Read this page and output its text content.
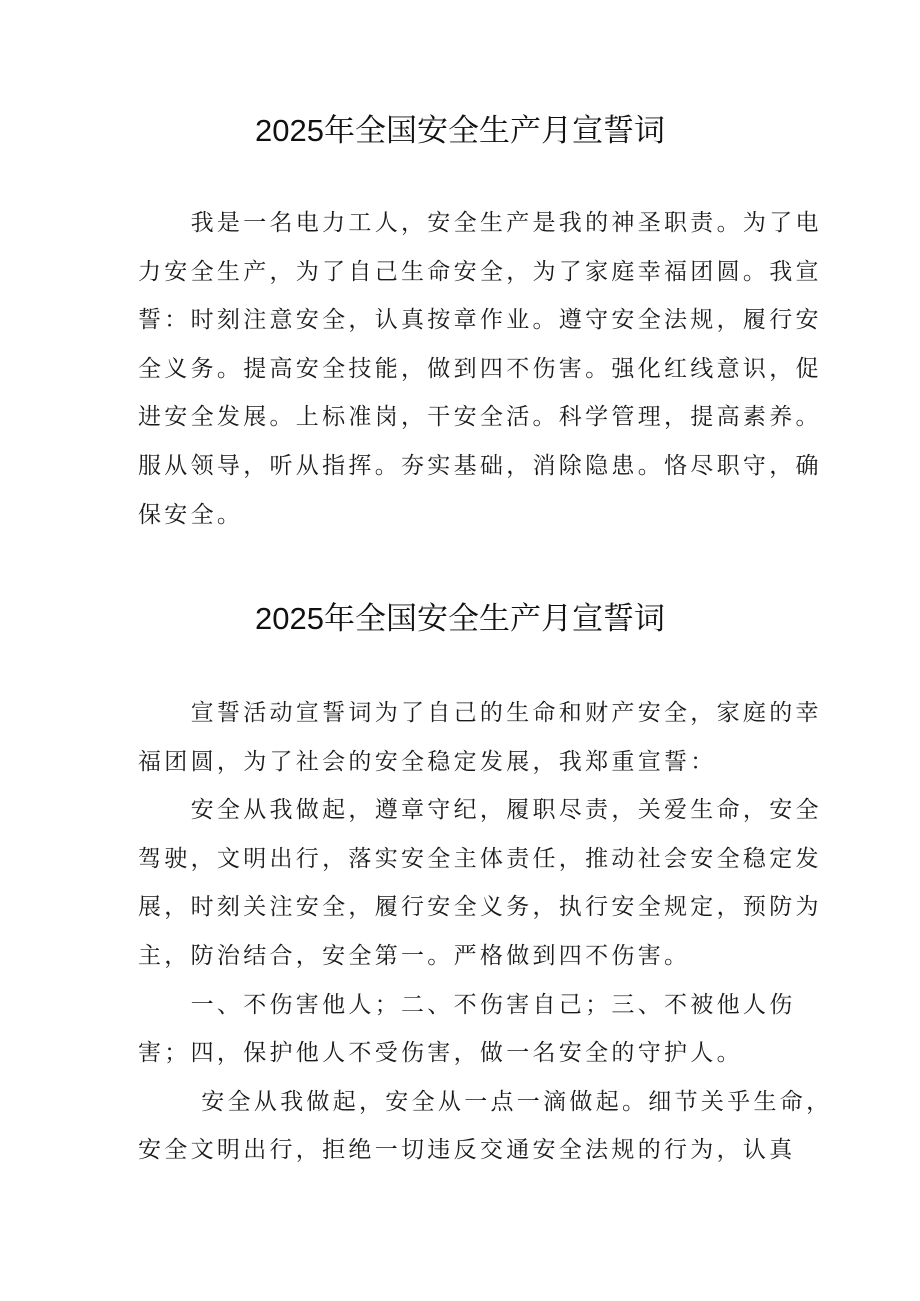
2025年全国安全生产月宣誓词
　　我是一名电力工人，安全生产是我的神圣职责。为了电
力安全生产，为了自己生命安全，为了家庭幸福团圆。我宣
誓：时刻注意安全，认真按章作业。遵守安全法规，履行安
全义务。提高安全技能，做到四不伤害。强化红线意识，促
进安全发展。上标准岗，干安全活。科学管理，提高素养。
服从领导，听从指挥。夯实基础，消除隐患。恪尽职守，确
保安全。
2025年全国安全生产月宣誓词
　　宣誓活动宣誓词为了自己的生命和财产安全，家庭的幸
福团圆，为了社会的安全稳定发展，我郑重宣誓：
　　安全从我做起，遵章守纪，履职尽责，关爱生命，安全
驾驶，文明出行，落实安全主体责任，推动社会安全稳定发
展，时刻关注安全，履行安全义务，执行安全规定，预防为
主，防治结合，安全第一。严格做到四不伤害。
　　一、不伤害他人；二、不伤害自己；三、不被他人伤
害；四，保护他人不受伤害，做一名安全的守护人。
　　 安全从我做起，安全从一点一滴做起。细节关乎生命，
安全文明出行，拒绝一切违反交通安全法规的行为，认真
